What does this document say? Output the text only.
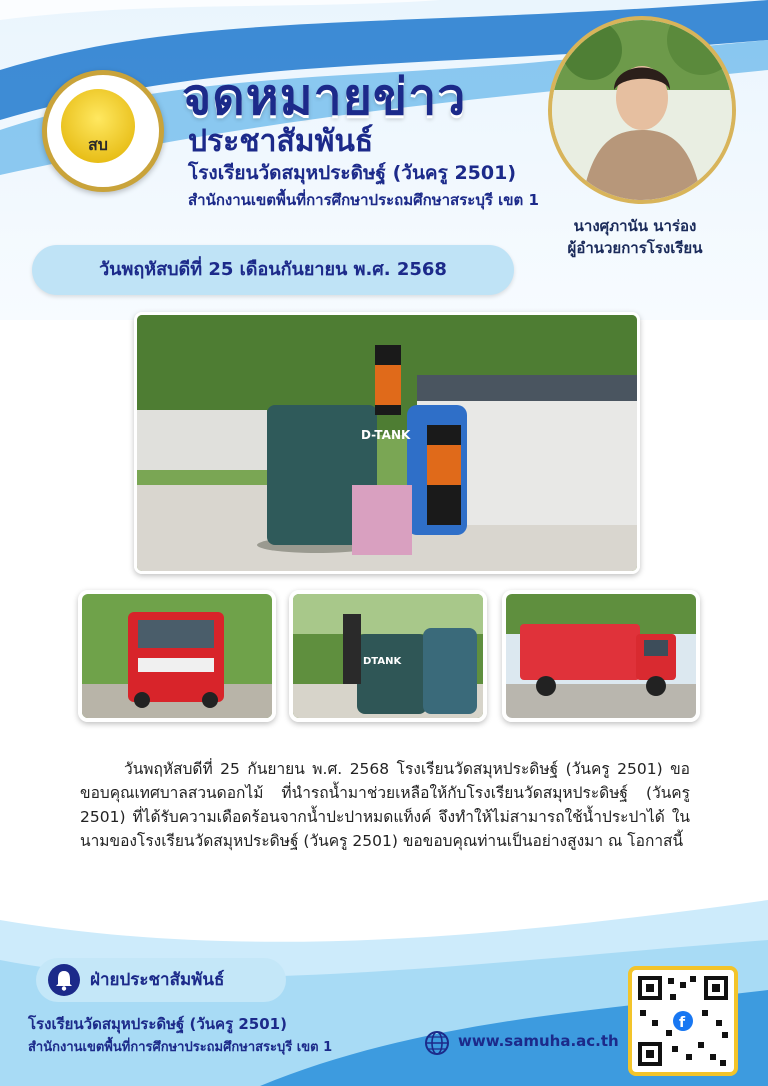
สบ
จดหมายข่าว
ประชาสัมพันธ์
โรงเรียนวัดสมุหประดิษฐ์ (วันครู 2501)
สำนักงานเขตพื้นที่การศึกษาประถมศึกษาสระบุรี เขต 1
นางศุภานัน นาร่อง
ผู้อำนวยการโรงเรียน
วันพฤหัสบดีที่ 25 เดือนกันยายน พ.ศ. 2568
D-TANK
DTANK

วันพฤหัสบดีที่ 25 กันยายน พ.ศ. 2568 โรงเรียนวัดสมุหประดิษฐ์ (วันครู 2501) ขอขอบคุณเทศบาลสวนดอกไม้ ที่นำรถน้ำมาช่วยเหลือให้กับโรงเรียนวัดสมุหประดิษฐ์ (วันครู 2501) ที่ได้รับความเดือดร้อนจากน้ำปะปาหมดแท็งค์ จึงทำให้ไม่สามารถใช้น้ำประปาได้ ในนามของโรงเรียนวัดสมุหประดิษฐ์ (วันครู 2501) ขอขอบคุณท่านเป็นอย่างสูงมา ณ โอกาสนี้

ฝ่ายประชาสัมพันธ์
โรงเรียนวัดสมุหประดิษฐ์ (วันครู 2501)
สำนักงานเขตพื้นที่การศึกษาประถมศึกษาสระบุรี เขต 1	www.samuha.ac.th
f
